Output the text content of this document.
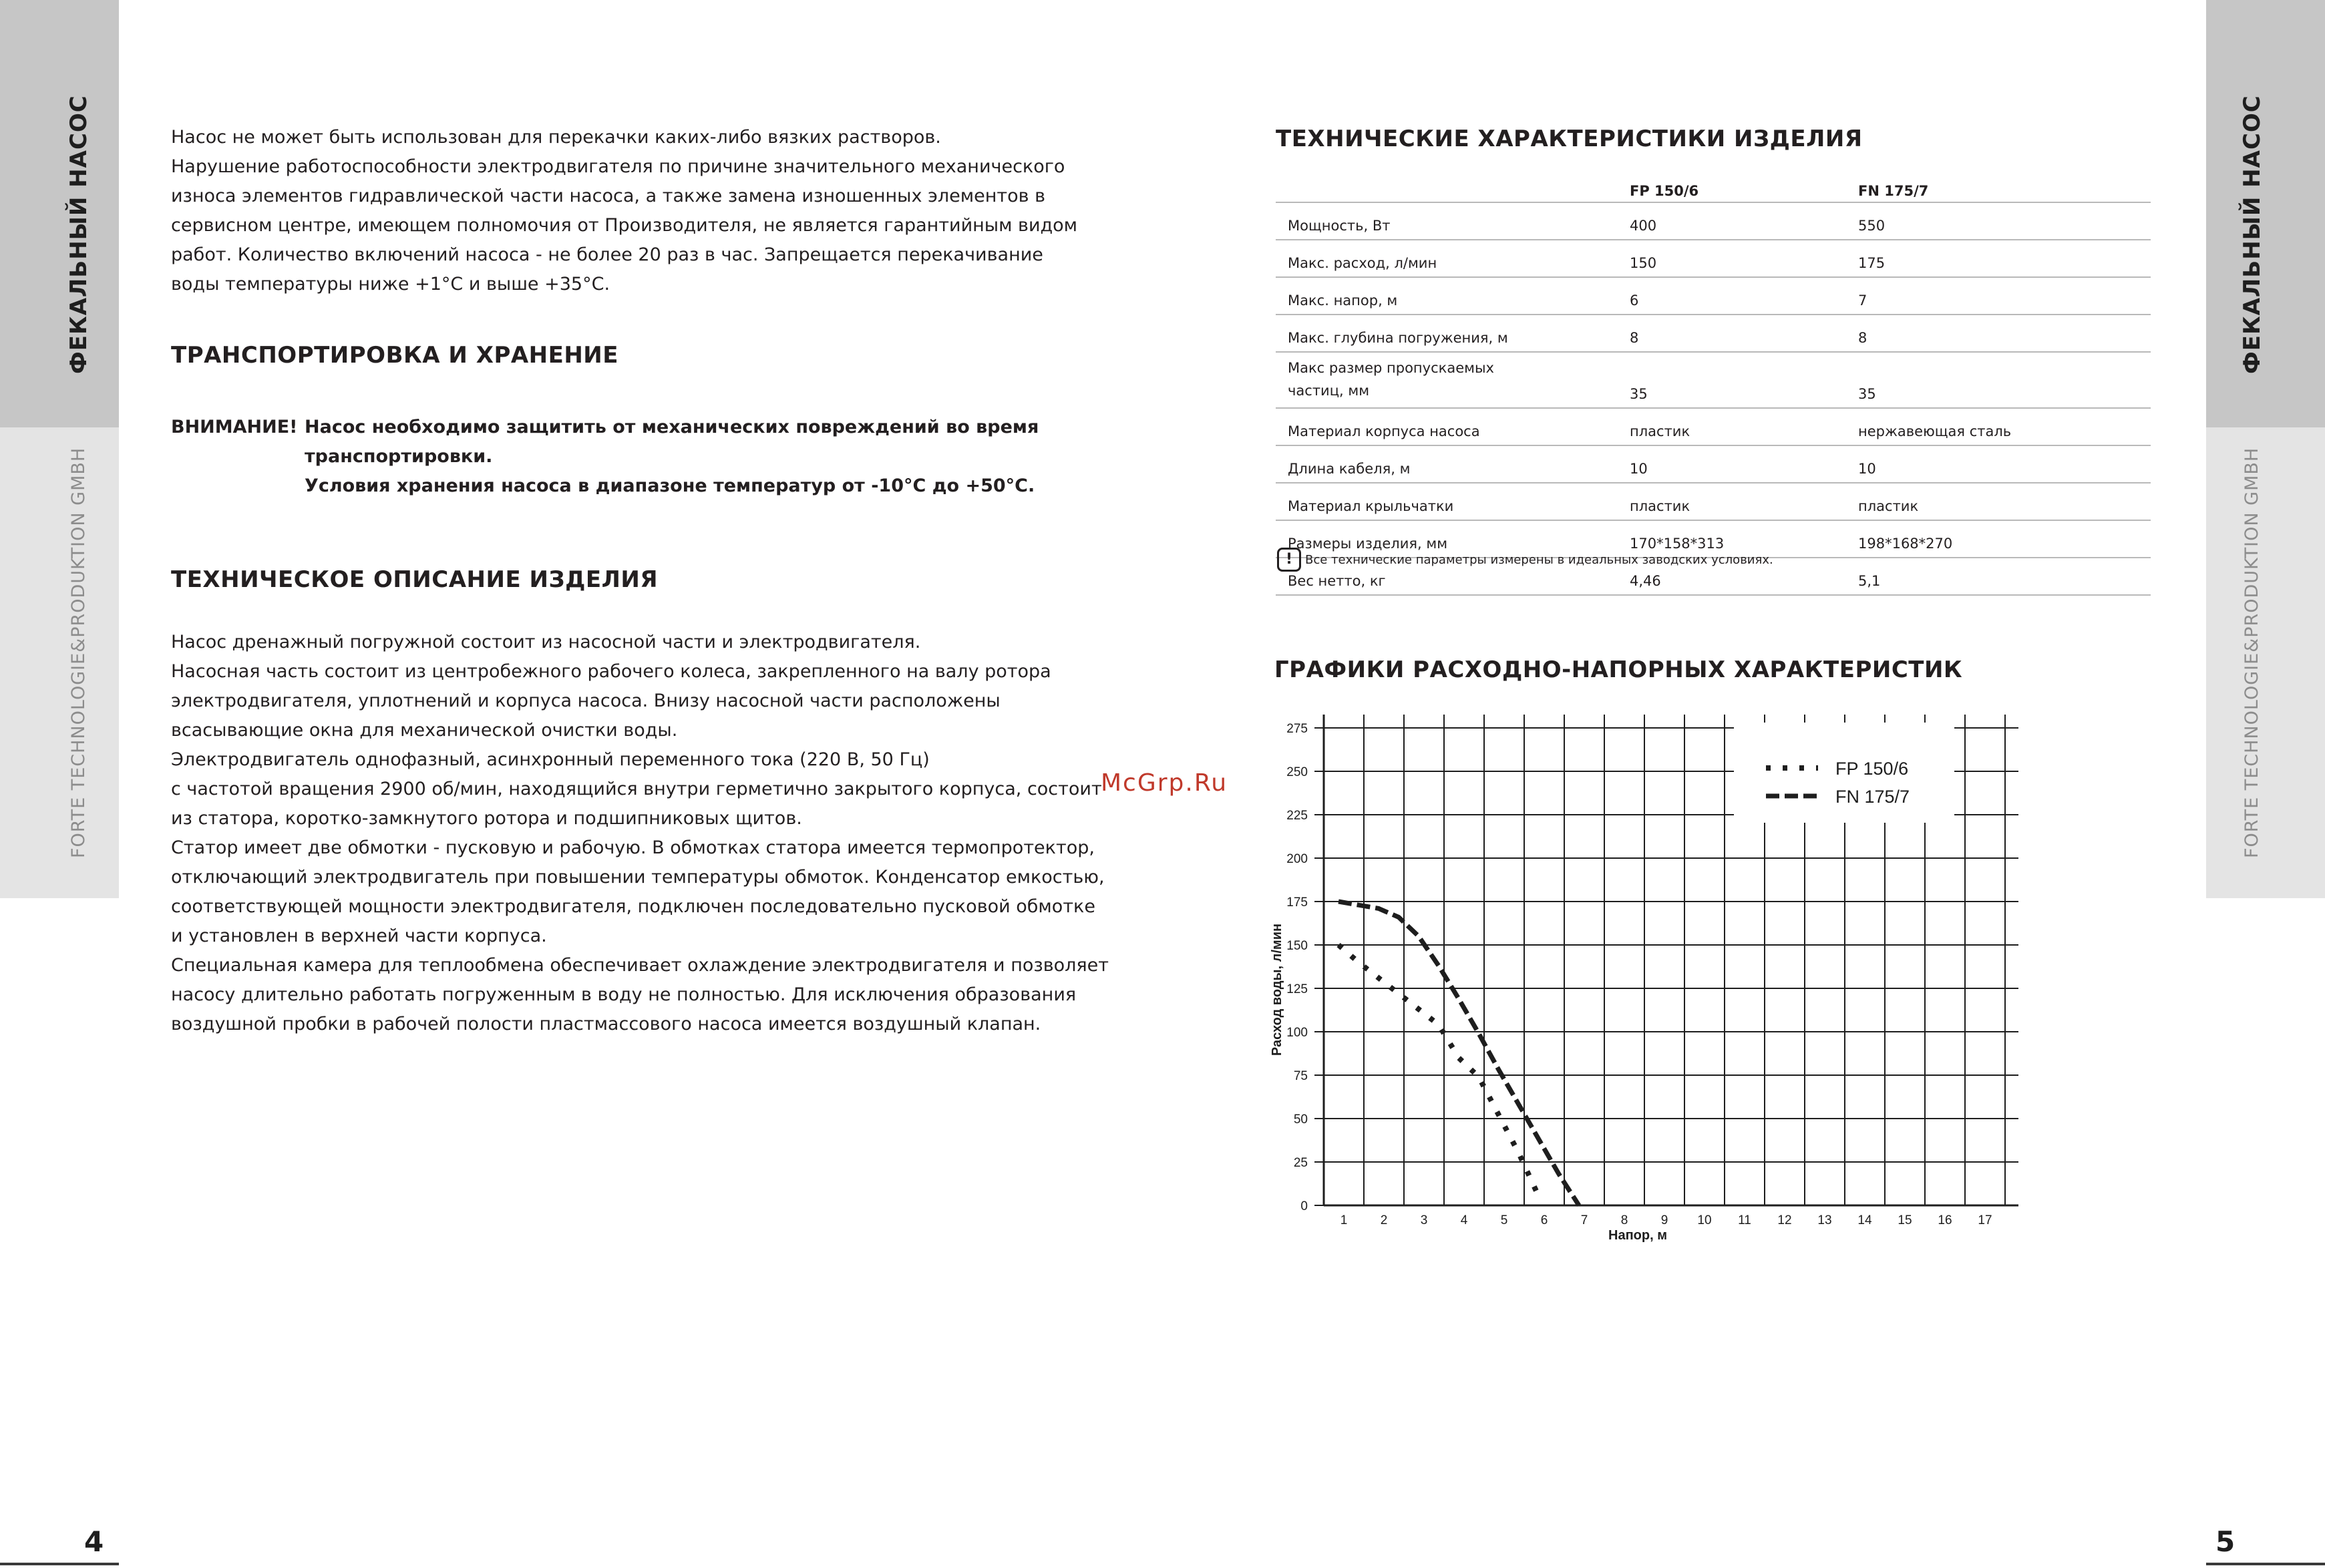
ФЕКАЛЬНЫЙ НАСОС
FORTE TECHNOLOGIE&PRODUKTION GMBH
ФЕКАЛЬНЫЙ НАСОС
FORTE TECHNOLOGIE&PRODUKTION GMBH
4	5
McGrp.Ru

Насос не может быть использован для перекачки каких-либо вязких растворов.

Нарушение работоспособности электродвигателя по причине значительного механического

износа элементов гидравлической части насоса, а также замена изношенных элементов в

сервисном центре, имеющем полномочия от Производителя, не является гарантийным видом

работ. Количество включений насоса - не более 20 раз в час. Запрещается перекачивание

воды температуры ниже +1°С и выше +35°С.

ТРАНСПОРТИРОВКА И ХРАНЕНИЕ
ВНИМАНИЕ! Насос необходимо защитить от механических повреждений во время
транспортировки.
Условия хранения насоса в диапазоне температур от -10°С до +50°С.
ТЕХНИЧЕСКОЕ ОПИСАНИЕ ИЗДЕЛИЯ

Насос дренажный погружной состоит из насосной части и электродвигателя.

Насосная часть состоит из центробежного рабочего колеса, закрепленного на валу ротора

электродвигателя, уплотнений и корпуса насоса. Внизу насосной части расположены

всасывающие окна для механической очистки воды.

Электродвигатель однофазный, асинхронный переменного тока (220 В, 50 Гц)

с частотой вращения 2900 об/мин, находящийся внутри герметично закрытого корпуса, состоит

из статора, коротко-замкнутого ротора и подшипниковых щитов.

Статор имеет две обмотки - пусковую и рабочую. В обмотках статора имеется термопротектор,

отключающий электродвигатель при повышении температуры обмоток. Конденсатор емкостью,

соответствующей мощности электродвигателя, подключен последовательно пусковой обмотке

и установлен в верхней части корпуса.

Специальная камера для теплообмена обеспечивает охлаждение электродвигателя и позволяет

насосу длительно работать погруженным в воду не полностью. Для исключения образования

воздушной пробки в рабочей полости пластмассового насоса имеется воздушный клапан.

ТЕХНИЧЕСКИЕ ХАРАКТЕРИСТИКИ ИЗДЕЛИЯ
	FP 150/6	FN 175/7
Мощность, Вт	400	550
Макс. расход, л/мин	150	175
Макс. напор, м	6	7
Макс. глубина погружения, м	8	8
Макс размер пропускаемых частиц, мм	35	35
Материал корпуса насоса	пластик	нержавеющая сталь
Длина кабеля, м	10	10
Материал крыльчатки	пластик	пластик
Размеры изделия, мм	170*158*313	198*168*270
Вес нетто, кг	4,46	5,1
!	Все технические параметры измерены в идеальных заводских условиях.
ГРАФИКИ РАСХОДНО-НАПОРНЫХ ХАРАКТЕРИСТИК
1	2	3	4	5	6	7	8	9 10 11 12 13 14 15 16 17
0
25
50
75
100
125
150
175
200
225
250
275
FP 150/6
FN 175/7
Напор, м
Расход воды, л/мин
